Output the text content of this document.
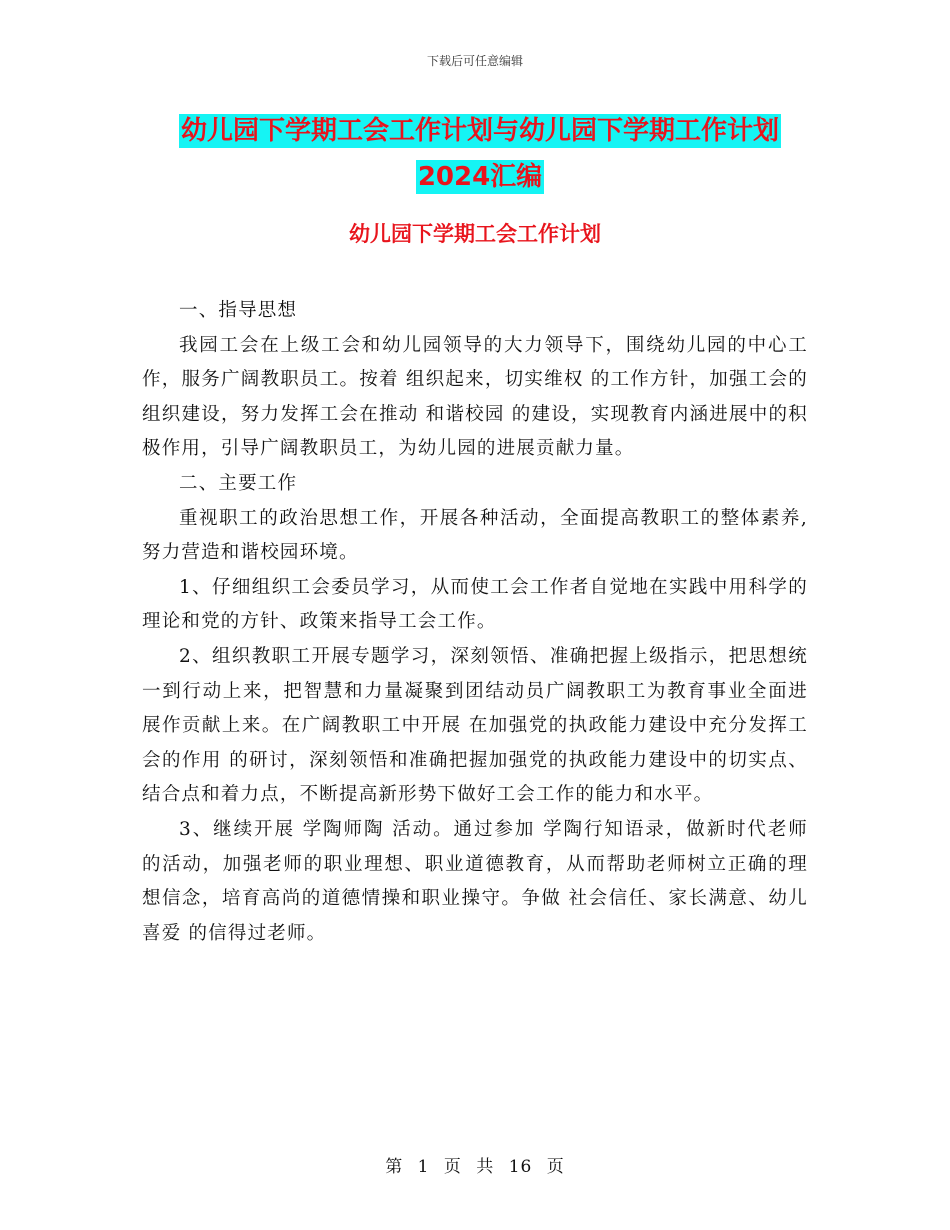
下载后可任意编辑
幼儿园下学期工会工作计划与幼儿园下学期工作计划
2024汇编
幼儿园下学期工会工作计划

一、指导思想

我园工会在上级工会和幼儿园领导的大力领导下，围绕幼儿园的中心工作，服务广阔教职员工。按着 组织起来，切实维权 的工作方针，加强工会的组织建设，努力发挥工会在推动 和谐校园 的建设，实现教育内涵进展中的积极作用，引导广阔教职员工，为幼儿园的进展贡献力量。

二、主要工作

重视职工的政治思想工作，开展各种活动，全面提高教职工的整体素养,努力营造和谐校园环境。

1、仔细组织工会委员学习，从而使工会工作者自觉地在实践中用科学的理论和党的方针、政策来指导工会工作。

2、组织教职工开展专题学习，深刻领悟、准确把握上级指示，把思想统一到行动上来，把智慧和力量凝聚到团结动员广阔教职工为教育事业全面进展作贡献上来。在广阔教职工中开展 在加强党的执政能力建设中充分发挥工会的作用 的研讨，深刻领悟和准确把握加强党的执政能力建设中的切实点、结合点和着力点，不断提高新形势下做好工会工作的能力和水平。

3、继续开展 学陶师陶 活动。通过参加 学陶行知语录，做新时代老师 的活动，加强老师的职业理想、职业道德教育，从而帮助老师树立正确的理想信念，培育高尚的道德情操和职业操守。争做 社会信任、家长满意、幼儿喜爱 的信得过老师。

第 1 页 共 16 页
